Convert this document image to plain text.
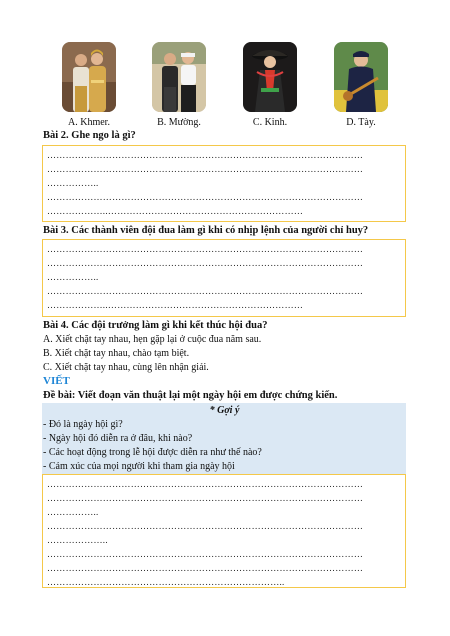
A. Khmer.	B. Mường.	C. Kinh.	D. Tày.
Bài 2. Ghe ngo là gì?
…………………………………………………………………………………………
…………………………………………………………………………………………
……………..
…………………………………………………………………………………………
………………..………………………………………………………
Bài 3. Các thành viên đội đua làm gì khi có nhịp lệnh của người chỉ huy?
…………………………………………………………………………………………
…………………………………………………………………………………………
……………..
…………………………………………………………………………………………
………………..………………………………………………………
Bài 4. Các đội trưởng làm gì khi kết thúc hội đua?
A. Xiết chặt tay nhau, hẹn gặp lại ở cuộc đua năm sau.
B. Xiết chặt tay nhau, chào tạm biệt.
C. Xiết chặt tay nhau, cùng lên nhận giải.
VIẾT
Đề bài: Viết đoạn văn thuật lại một ngày hội em được chứng kiến.
* Gợi ý
- Đó là ngày hội gì?
- Ngày hội đó diễn ra ở đâu, khi nào?
- Các hoạt động trong lễ hội được diễn ra như thế nào?
- Cảm xúc của mọi người khi tham gia ngày hội
…………………………………………………………………………………………
…………………………………………………………………………………………
……………..
…………………………………………………………………………………………
………………..
…………………………………………………………………………………………
…………………………………………………………………………………………
…………………………………………………………………..
